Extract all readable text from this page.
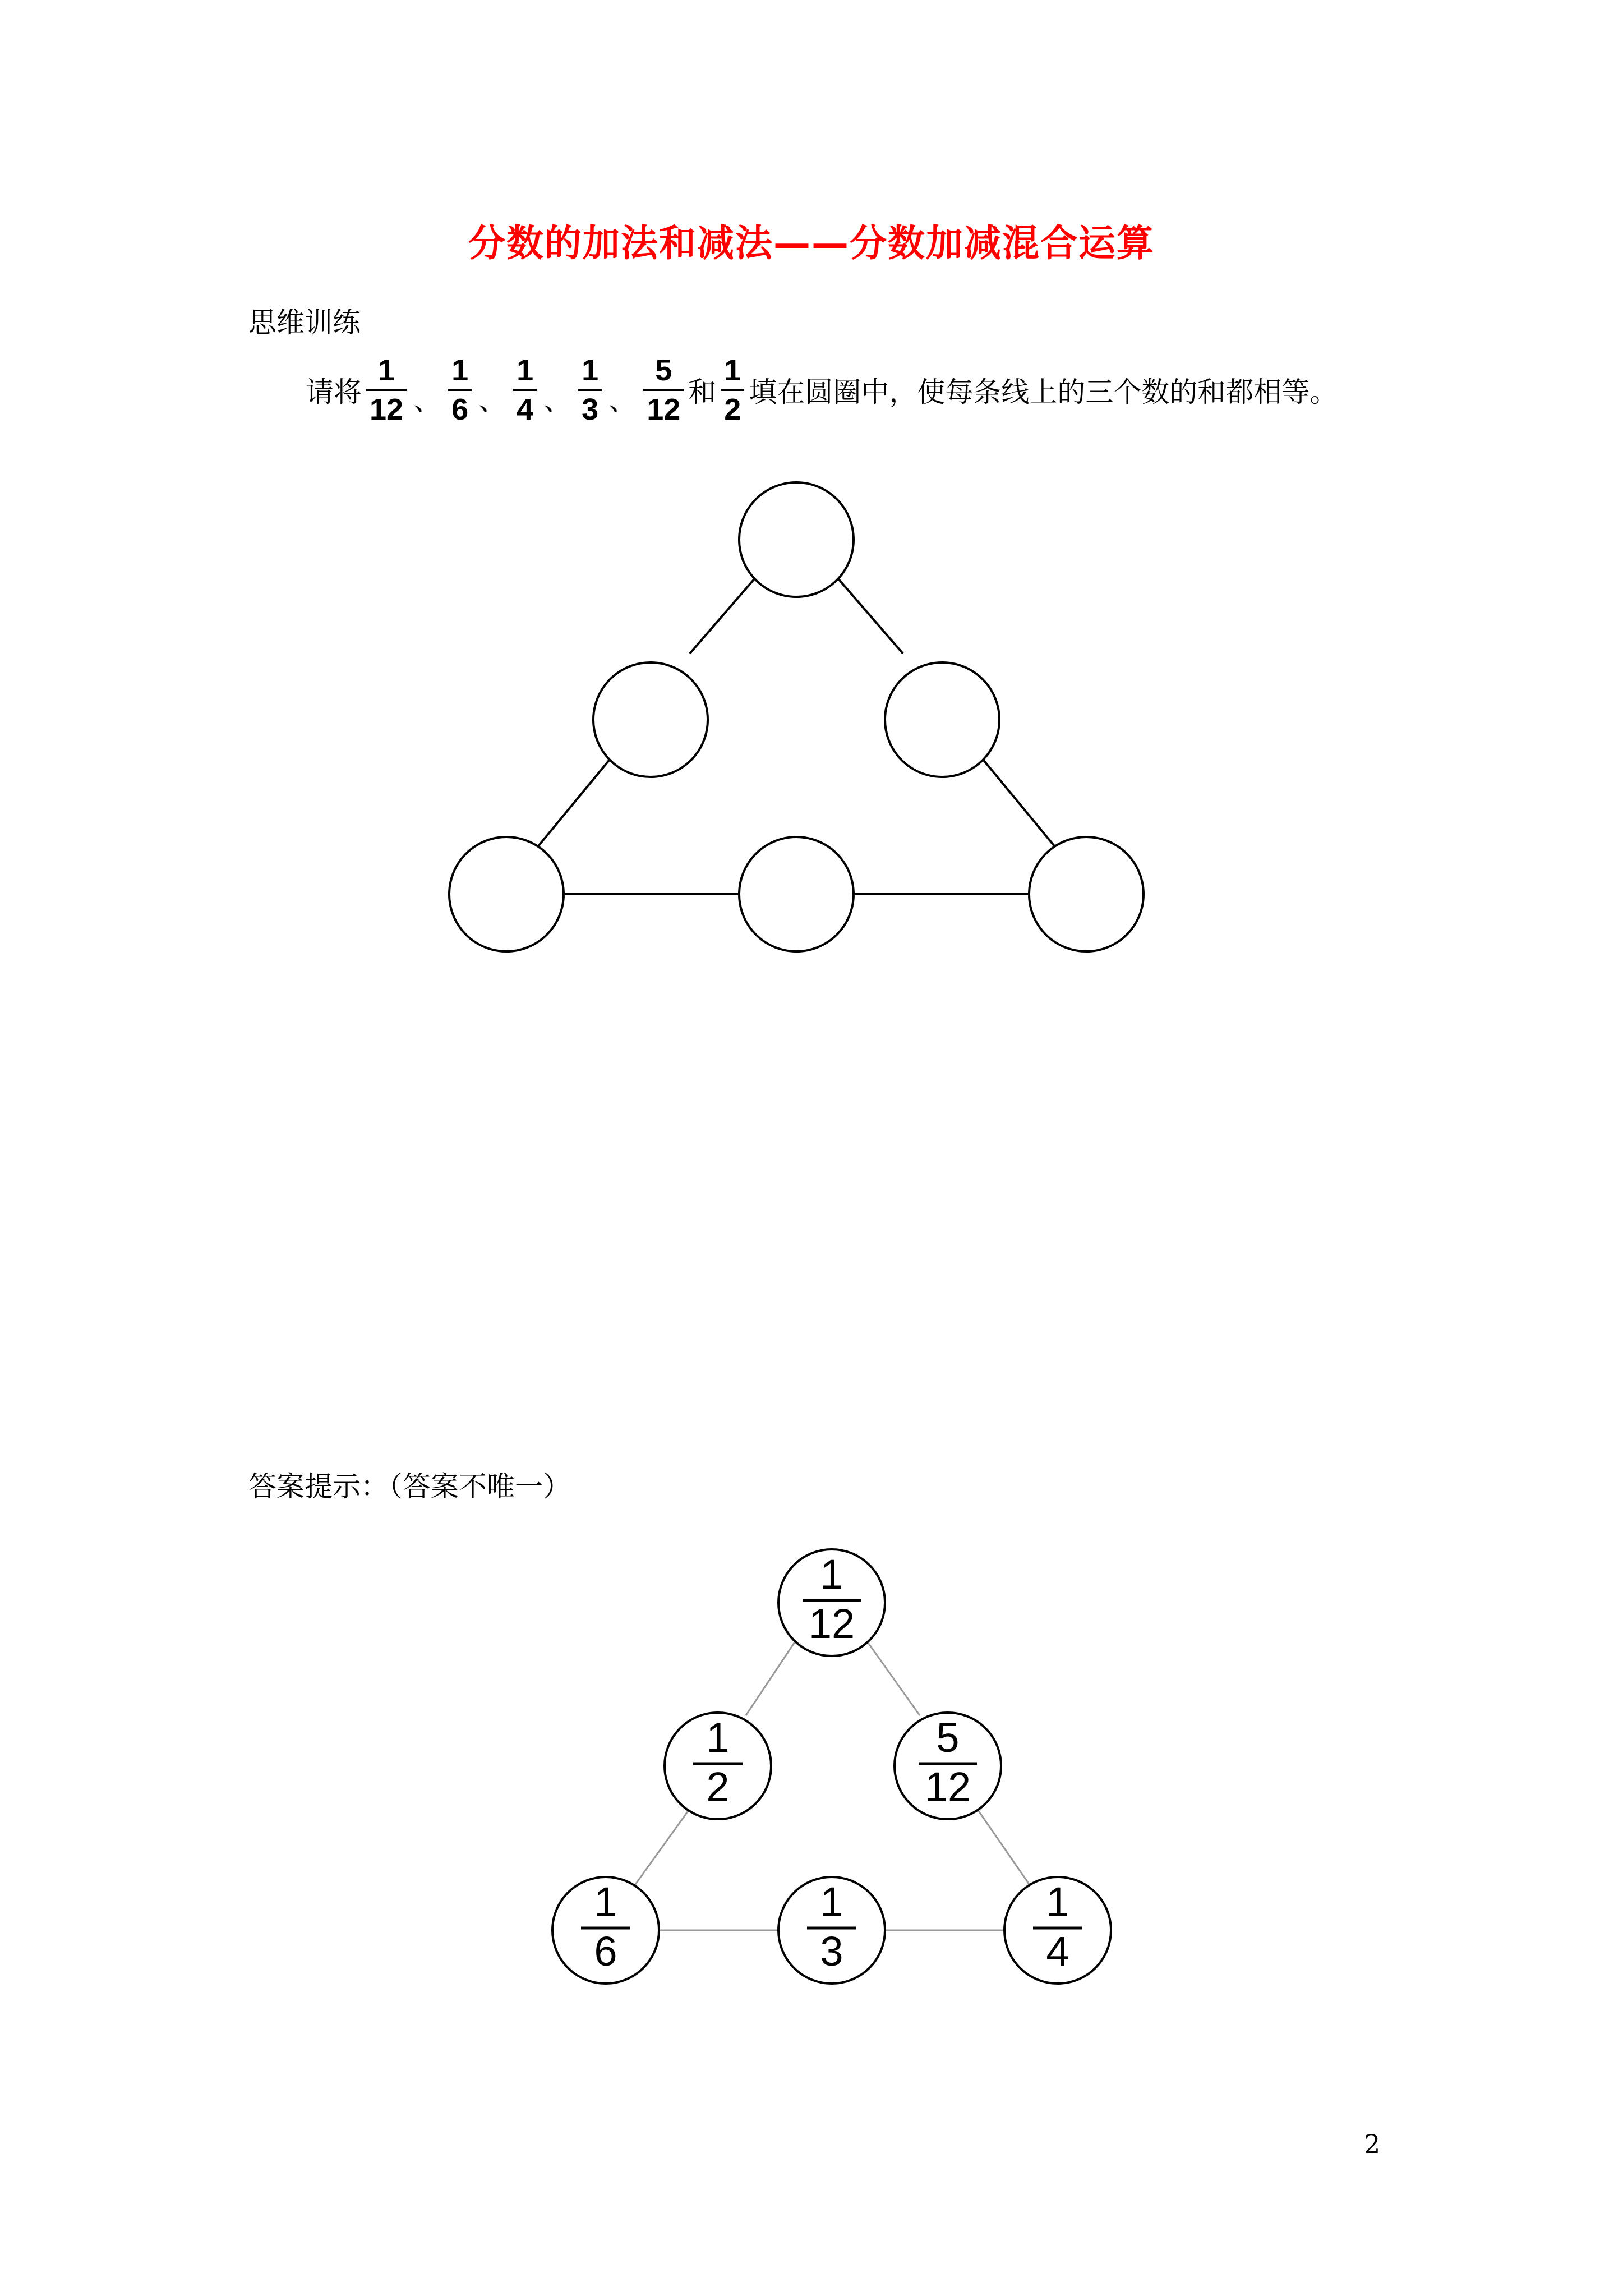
分数的加法和减法——分数加减混合运算
思维训练
请将 $\frac{1}{12}$ 、 $\frac{1}{6}$ 、 $\frac{1}{4}$ 、 $\frac{1}{3}$ 、 $\frac{5}{12}$ 和 $\frac{1}{2}$ 填在圆圈中，使每条线上的三个数的和都相等。
答案提示：（答案不唯一）
1
12
1
2
5
12
1
6
1
3
1
4
2
